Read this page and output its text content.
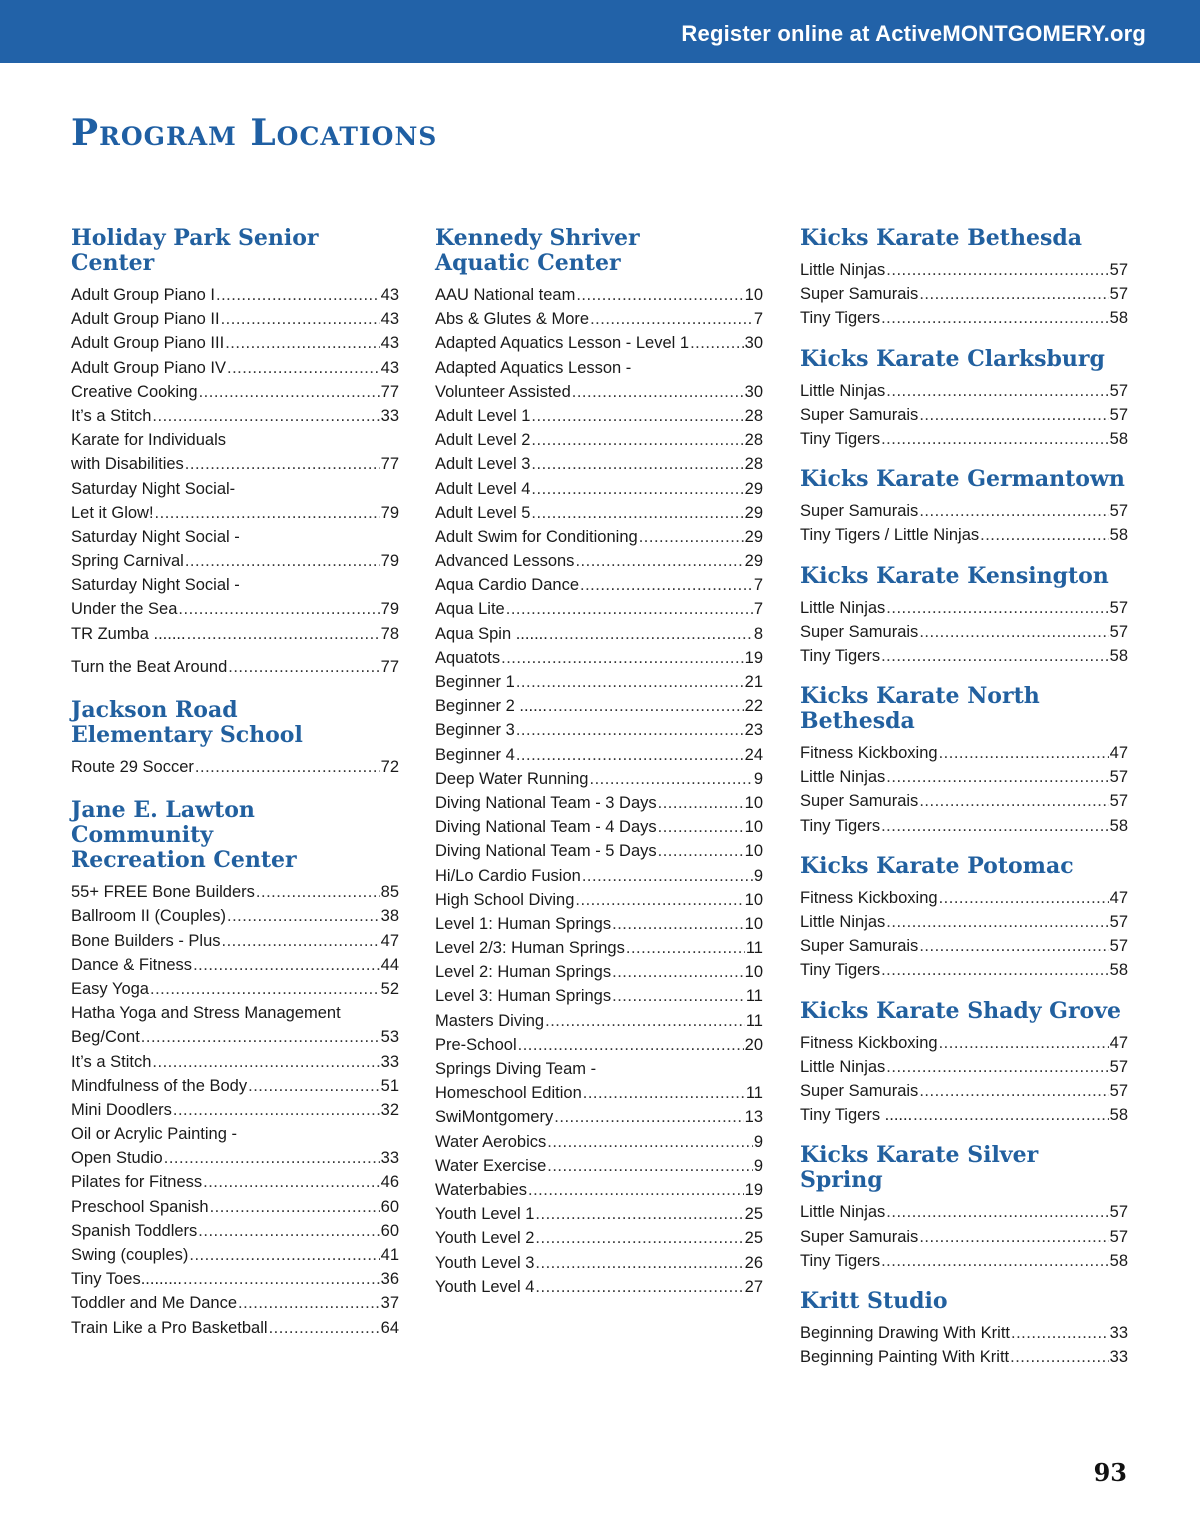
Register online at ActiveMONTGOMERY.org
Program Locations
Holiday Park Senior Center
Adult Group Piano I .....	43
Adult Group Piano II .....	43
Adult Group Piano III .....	43
Adult Group Piano IV .....	43
Creative Cooking .....	77
It’s a Stitch .....	33
Karate for Individuals
with Disabilities .....	77
Saturday Night Social-
Let it Glow! .....	79
Saturday Night Social -
Spring Carnival .....	79
Saturday Night Social -
Under the Sea .....	79
TR Zumba ....... .....	78
Turn the Beat Around .....	77
Jackson Road
Elementary School
Route 29 Soccer .....	72
Jane E. Lawton Community
Recreation Center
55+ FREE Bone Builders .....	85
Ballroom II (Couples) .....	38
Bone Builders - Plus .....	47
Dance & Fitness .....	44
Easy Yoga .....	52
Hatha Yoga and Stress Management
Beg/Cont .....	53
It’s a Stitch .....	33
Mindfulness of the Body .....	51
Mini Doodlers .....	32
Oil or Acrylic Painting -
Open Studio .....	33
Pilates for Fitness .....	46
Preschool Spanish .....	60
Spanish Toddlers .....	60
Swing (couples) .....	41
Tiny Toes......... .....	36
Toddler and Me Dance .....	37
Train Like a Pro Basketball .....	64
Kennedy Shriver
Aquatic Center
AAU National team .....	10
Abs & Glutes & More .....	7
Adapted Aquatics Lesson - Level 1 .....	30
Adapted Aquatics Lesson -
Volunteer Assisted .....	30
Adult Level 1 .....	28
Adult Level 2 .....	28
Adult Level 3 .....	28
Adult Level 4 .....	29
Adult Level 5 .....	29
Adult Swim for Conditioning .....	29
Advanced Lessons .....	29
Aqua Cardio Dance .....	7
Aqua Lite .....	7
Aqua Spin ....... .....	8
Aquatots .....	19
Beginner 1 .....	21
Beginner 2 ...... .....	22
Beginner 3 .....	23
Beginner 4 .....	24
Deep Water Running .....	9
Diving National Team - 3 Days .....	10
Diving National Team - 4 Days .....	10
Diving National Team - 5 Days .....	10
Hi/Lo Cardio Fusion .....	9
High School Diving .....	10
Level 1: Human Springs .....	10
Level 2/3: Human Springs .....	11
Level 2: Human Springs .....	10
Level 3: Human Springs .....	11
Masters Diving .....	11
Pre-School .....	20
Springs Diving Team -
Homeschool Edition .....	11
SwiMontgomery .....	13
Water Aerobics .....	9
Water Exercise .....	9
Waterbabies .....	19
Youth Level 1 .....	25
Youth Level 2 .....	25
Youth Level 3 .....	26
Youth Level 4 .....	27
Kicks Karate Bethesda
Little Ninjas .....	57
Super Samurais .....	57
Tiny Tigers .....	58
Kicks Karate Clarksburg
Little Ninjas .....	57
Super Samurais .....	57
Tiny Tigers .....	58
Kicks Karate Germantown
Super Samurais .....	57
Tiny Tigers / Little Ninjas .....	58
Kicks Karate Kensington
Little Ninjas .....	57
Super Samurais .....	57
Tiny Tigers .....	58
Kicks Karate North
Bethesda
Fitness Kickboxing .....	47
Little Ninjas .....	57
Super Samurais .....	57
Tiny Tigers .....	58
Kicks Karate Potomac
Fitness Kickboxing .....	47
Little Ninjas .....	57
Super Samurais .....	57
Tiny Tigers .....	58
Kicks Karate Shady Grove
Fitness Kickboxing .....	47
Little Ninjas .....	57
Super Samurais .....	57
Tiny Tigers ...... .....	58
Kicks Karate Silver Spring
Little Ninjas .....	57
Super Samurais .....	57
Tiny Tigers .....	58
Kritt Studio
Beginning Drawing With Kritt .....	33
Beginning Painting With Kritt .....	33
93
